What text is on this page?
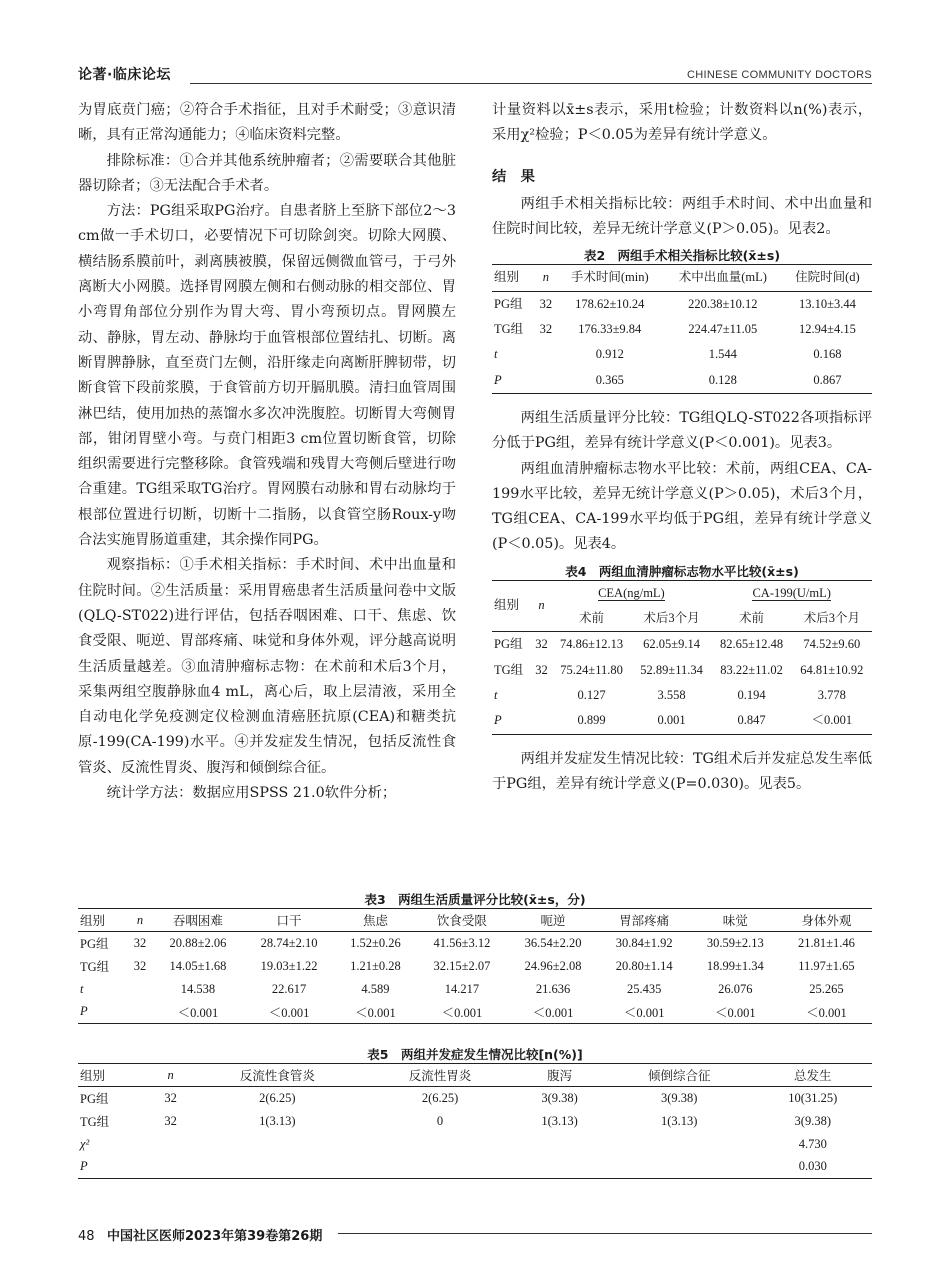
论著·临床论坛	CHINESE COMMUNITY DOCTORS

为胃底贲门癌；②符合手术指征，且对手术耐受；③意识清晰，具有正常沟通能力；④临床资料完整。

排除标准：①合并其他系统肿瘤者；②需要联合其他脏器切除者；③无法配合手术者。

方法：PG组采取PG治疗。自患者脐上至脐下部位2～3 cm做一手术切口，必要情况下可切除剑突。切除大网膜、横结肠系膜前叶，剥离胰被膜，保留远侧微血管弓，于弓外离断大小网膜。选择胃网膜左侧和右侧动脉的相交部位、胃小弯胃角部位分别作为胃大弯、胃小弯预切点。胃网膜左动、静脉，胃左动、静脉均于血管根部位置结扎、切断。离断胃脾静脉，直至贲门左侧，沿肝缘走向离断肝脾韧带，切断食管下段前浆膜，于食管前方切开膈肌膜。清扫血管周围淋巴结，使用加热的蒸馏水多次冲洗腹腔。切断胃大弯侧胃部，钳闭胃壁小弯。与贲门相距3 cm位置切断食管，切除组织需要进行完整移除。食管残端和残胃大弯侧后壁进行吻合重建。TG组采取TG治疗。胃网膜右动脉和胃右动脉均于根部位置进行切断，切断十二指肠，以食管空肠Roux-y吻合法实施胃肠道重建，其余操作同PG。

观察指标：①手术相关指标：手术时间、术中出血量和住院时间。②生活质量：采用胃癌患者生活质量问卷中文版(QLQ-ST022)进行评估，包括吞咽困难、口干、焦虑、饮食受限、呃逆、胃部疼痛、味觉和身体外观，评分越高说明生活质量越差。③血清肿瘤标志物：在术前和术后3个月，采集两组空腹静脉血4 mL，离心后，取上层清液，采用全自动电化学免疫测定仪检测血清癌胚抗原(CEA)和糖类抗原-199(CA-199)水平。④并发症发生情况，包括反流性食管炎、反流性胃炎、腹泻和倾倒综合征。

统计学方法：数据应用SPSS 21.0软件分析；

计量资料以x̄±s表示，采用t检验；计数资料以n(%)表示，采用χ²检验；P＜0.05为差异有统计学意义。

结　果

两组手术相关指标比较：两组手术时间、术中出血量和住院时间比较，差异无统计学意义(P＞0.05)。见表2。

表2　两组手术相关指标比较(x̄±s)
组别	n	手术时间(min)	术中出血量(mL)	住院时间(d)
PG组	32	178.62±10.24	220.38±10.12	13.10±3.44
TG组	32	176.33±9.84	224.47±11.05	12.94±4.15
t		0.912	1.544	0.168
P		0.365	0.128	0.867

两组生活质量评分比较：TG组QLQ-ST022各项指标评分低于PG组，差异有统计学意义(P＜0.001)。见表3。

两组血清肿瘤标志物水平比较：术前，两组CEA、CA-199水平比较，差异无统计学意义(P＞0.05)，术后3个月，TG组CEA、CA-199水平均低于PG组，差异有统计学意义(P＜0.05)。见表4。

表4　两组血清肿瘤标志物水平比较(x̄±s)
组别	n	CEA(ng/mL)		CA-199(U/mL)	
		术前	术后3个月	术前	术后3个月
PG组	32	74.86±12.13	62.05±9.14	82.65±12.48	74.52±9.60
TG组	32	75.24±11.80	52.89±11.34	83.22±11.02	64.81±10.92
t		0.127	3.558	0.194	3.778
P		0.899	0.001	0.847	＜0.001

两组并发症发生情况比较：TG组术后并发症总发生率低于PG组，差异有统计学意义(P=0.030)。见表5。

表3　两组生活质量评分比较(x̄±s，分)
组别	n	吞咽困难	口干	焦虑	饮食受限	呃逆	胃部疼痛	味觉	身体外观
PG组	32	20.88±2.06	28.74±2.10	1.52±0.26	41.56±3.12	36.54±2.20	30.84±1.92	30.59±2.13	21.81±1.46
TG组	32	14.05±1.68	19.03±1.22	1.21±0.28	32.15±2.07	24.96±2.08	20.80±1.14	18.99±1.34	11.97±1.65
t		14.538	22.617	4.589	14.217	21.636	25.435	26.076	25.265
P		＜0.001	＜0.001	＜0.001	＜0.001	＜0.001	＜0.001	＜0.001	＜0.001
表5　两组并发症发生情况比较[n(%)]
组别	n	反流性食管炎	反流性胃炎	腹泻	倾倒综合征	总发生
PG组	32	2(6.25)	2(6.25)	3(9.38)	3(9.38)	10(31.25)
TG组	32	1(3.13)	0	1(3.13)	1(3.13)	3(9.38)
χ²						4.730
P						0.030
48 中国社区医师2023年第39卷第26期
